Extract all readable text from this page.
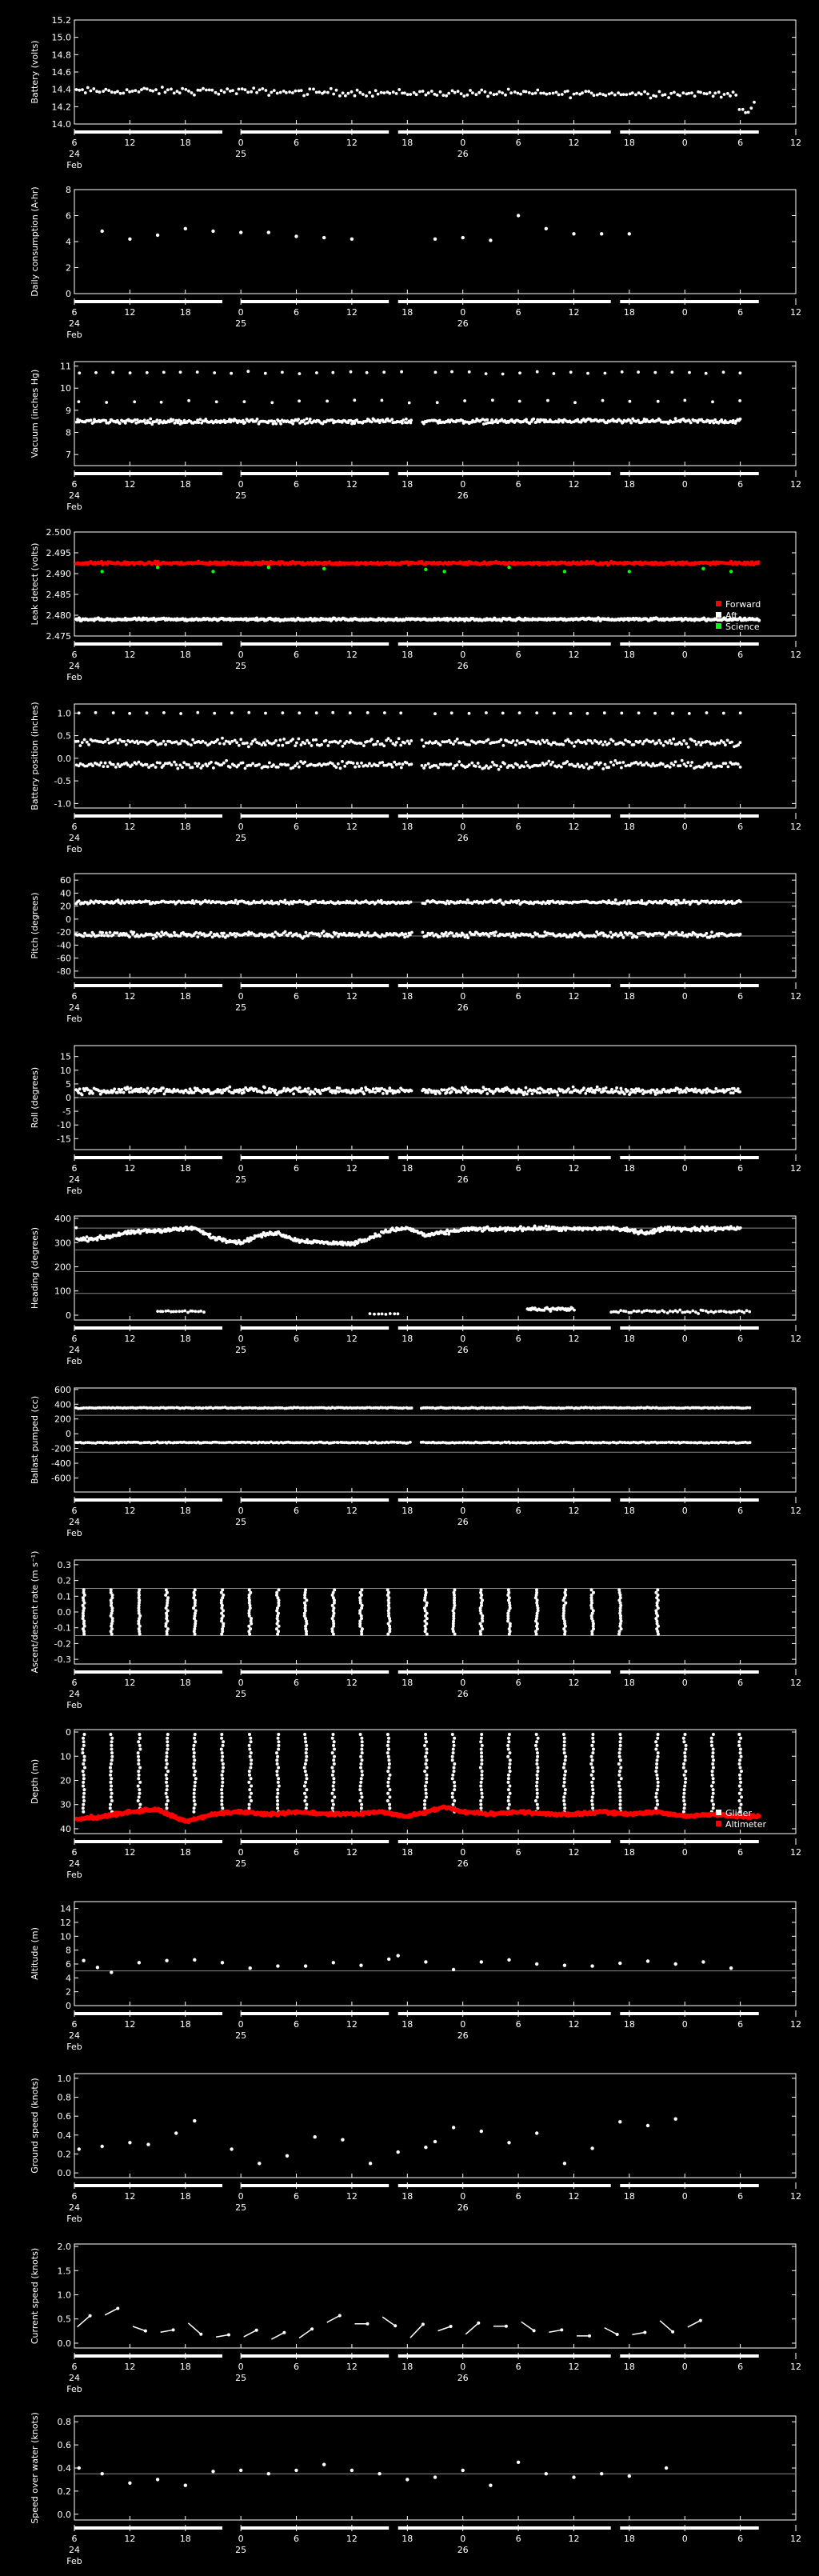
14.0
14.2
14.4
14.6
14.8
15.0
15.2
Battery (volts)
6	12	18	0	6	12	18	0	6	12	18	0	6	12
24	25	26
Feb
0
2
4
6
8
Daily consumption (A-hr)
6	12	18	0	6	12	18	0	6	12	18	0	6	12
24	25	26
Feb
7
8
9
10
11
Vacuum (inches Hg)
6	12	18	0	6	12	18	0	6	12	18	0	6	12
24	25	26
Feb
2.475
2.480
2.485
2.490
2.495
2.500
Leak detect (volts)
6	12	18	0	6	12	18	0	6	12	18	0	6	12
24	25	26
Feb
Forward
Aft
Science
-1.0
-0.5
0.0
0.5
1.0
Battery position (inches)
6	12	18	0	6	12	18	0	6	12	18	0	6	12
24	25	26
Feb
-80
-60
-40
-20
0
20
40
60
Pitch (degrees)
6	12	18	0	6	12	18	0	6	12	18	0	6	12
24	25	26
Feb
-15
-10
-5
0
5
10
15
Roll (degrees)
6	12	18	0	6	12	18	0	6	12	18	0	6	12
24	25	26
Feb
0
100
200
300
400
Heading (degrees)
6	12	18	0	6	12	18	0	6	12	18	0	6	12
24	25	26
Feb
-600
-400
-200
0
200
400
600
Ballast pumped (cc)
6	12	18	0	6	12	18	0	6	12	18	0	6	12
24	25	26
Feb
-0.3
-0.2
-0.1
0.0
0.1
0.2
0.3
Ascent/descent rate (m s⁻¹)
6	12	18	0	6	12	18	0	6	12	18	0	6	12
24	25	26
Feb
0
10
20
30
40
Depth (m)
6	12	18	0	6	12	18	0	6	12	18	0	6	12
24	25	26
Feb
Glider
Altimeter
0
2
4
6
8
10
12
14
Altitude (m)
6	12	18	0	6	12	18	0	6	12	18	0	6	12
24	25	26
Feb
0.0
0.2
0.4
0.6
0.8
1.0
Ground speed (knots)
6	12	18	0	6	12	18	0	6	12	18	0	6	12
24	25	26
Feb
0.0
0.5
1.0
1.5
2.0
Current speed (knots)
6	12	18	0	6	12	18	0	6	12	18	0	6	12
24	25	26
Feb
0.0
0.2
0.4
0.6
0.8
Speed over water (knots)
6	12	18	0	6	12	18	0	6	12	18	0	6	12
24	25	26
Feb
